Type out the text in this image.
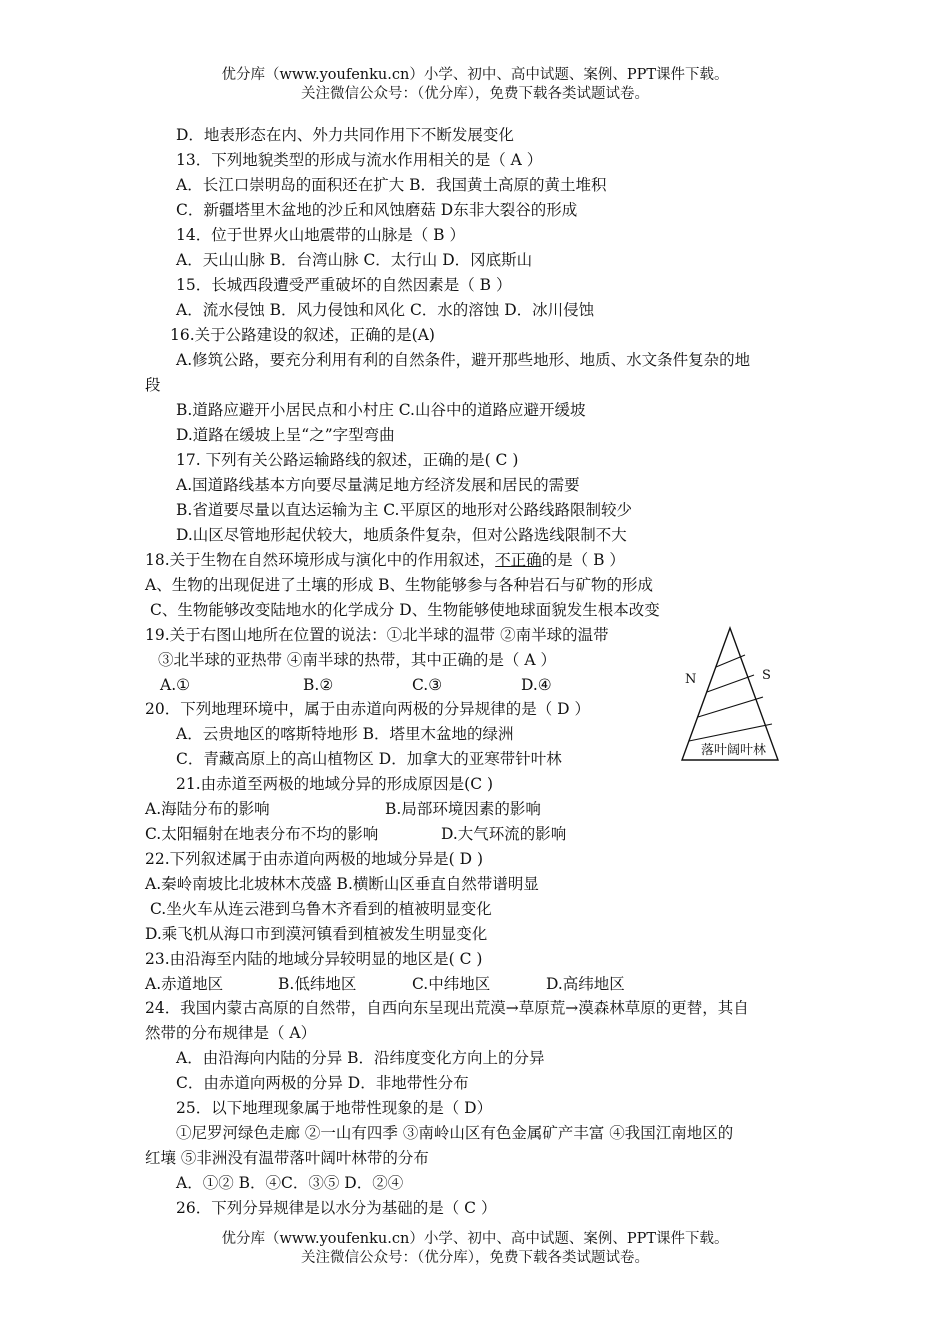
优分库（www.youfenku.cn）小学、初中、高中试题、案例、PPT课件下载。
关注微信公众号：（优分库），免费下载各类试题试卷。
D．地表形态在内、外力共同作用下不断发展变化
13．下列地貌类型的形成与流水作用相关的是（ A ）
A．长江口崇明岛的面积还在扩大 B．我国黄土高原的黄土堆积
C．新疆塔里木盆地的沙丘和风蚀磨菇 D东非大裂谷的形成
14．位于世界火山地震带的山脉是（ B ）
A．天山山脉 B．台湾山脉 C．太行山 D．冈底斯山
15．长城西段遭受严重破坏的自然因素是（ B ）
A．流水侵蚀 B．风力侵蚀和风化 C．水的溶蚀 D．冰川侵蚀
16.关于公路建设的叙述，正确的是(A)
A.修筑公路，要充分利用有利的自然条件，避开那些地形、地质、水文条件复杂的地
段
B.道路应避开小居民点和小村庄 C.山谷中的道路应避开缓坡
D.道路在缓坡上呈“之”字型弯曲
17. 下列有关公路运输路线的叙述，正确的是( C )
A.国道路线基本方向要尽量满足地方经济发展和居民的需要
B.省道要尽量以直达运输为主 C.平原区的地形对公路线路限制较少
D.山区尽管地形起伏较大，地质条件复杂，但对公路选线限制不大
18.关于生物在自然环境形成与演化中的作用叙述，不正确的是（ B ）
A、生物的出现促进了土壤的形成 B、生物能够参与各种岩石与矿物的形成
C、生物能够改变陆地水的化学成分 D、生物能够使地球面貌发生根本改变
19.关于右图山地所在位置的说法：①北半球的温带 ②南半球的温带
③北半球的亚热带 ④南半球的热带，其中正确的是（ A ）
A.①	B.②	C.③	D.④
20．下列地理环境中，属于由赤道向两极的分异规律的是（ D ）
A．云贵地区的喀斯特地形 B．塔里木盆地的绿洲
C．青藏高原上的高山植物区 D．加拿大的亚寒带针叶林
21.由赤道至两极的地域分异的形成原因是(C )
A.海陆分布的影响	B.局部环境因素的影响
C.太阳辐射在地表分布不均的影响	D.大气环流的影响
22.下列叙述属于由赤道向两极的地域分异是( D )
A.秦岭南坡比北坡林木茂盛 B.横断山区垂直自然带谱明显
C.坐火车从连云港到乌鲁木齐看到的植被明显变化
D.乘飞机从海口市到漠河镇看到植被发生明显变化
23.由沿海至内陆的地域分异较明显的地区是( C )
A.赤道地区	B.低纬地区	C.中纬地区	D.高纬地区
24．我国内蒙古高原的自然带，自西向东呈现出荒漠→草原荒→漠森林草原的更替，其自
然带的分布规律是（ A）
A．由沿海向内陆的分异 B．沿纬度变化方向上的分异
C．由赤道向两极的分异 D．非地带性分布
25．以下地理现象属于地带性现象的是（ D）
①尼罗河绿色走廊 ②一山有四季 ③南岭山区有色金属矿产丰富 ④我国江南地区的
红壤 ⑤非洲没有温带落叶阔叶林带的分布
A．①② B．④C．③⑤ D．②④
26．下列分异规律是以水分为基础的是（ C ）
N	S
落叶阔叶林
优分库（www.youfenku.cn）小学、初中、高中试题、案例、PPT课件下载。
关注微信公众号：（优分库），免费下载各类试题试卷。
